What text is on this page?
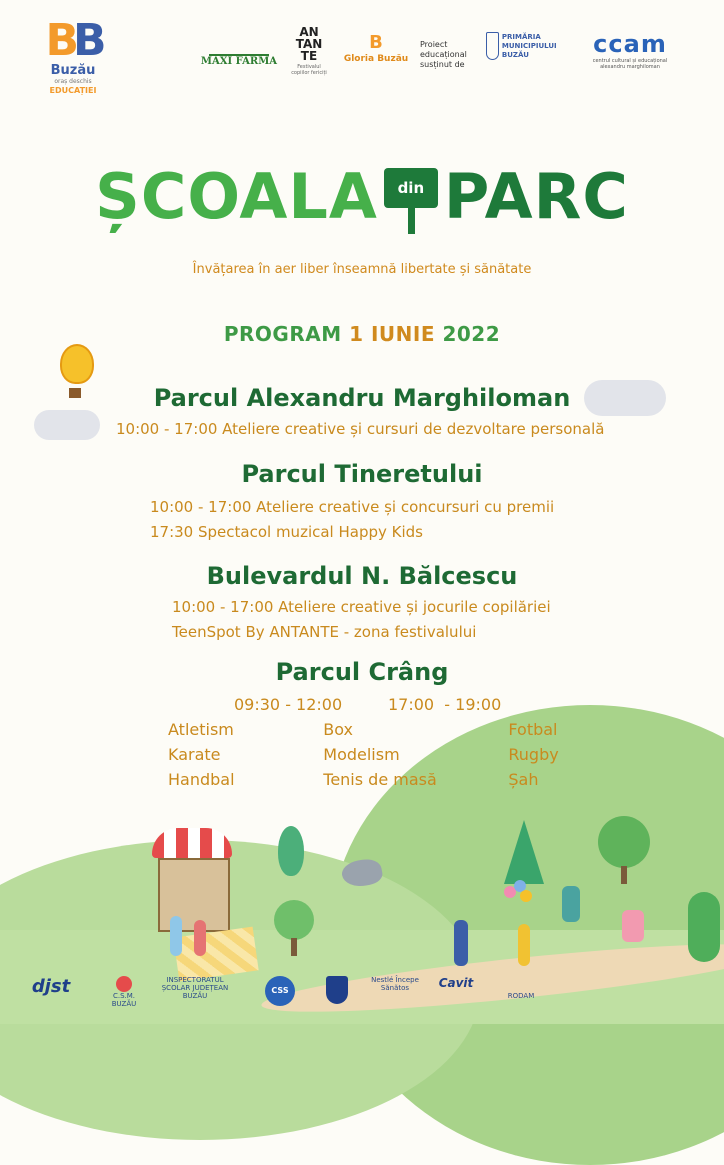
BB
Buzău
oraș deschis
EDUCAȚIEI
MAXI FARMA
AN TAN TE
Festivalul copiilor fericiți
B
Gloria Buzău
Proiect educațional susținut de
PRIMĂRIA MUNICIPIULUI BUZĂU	ccam
centrul cultural și educațional alexandru marghiloman
ȘCOALA	din PARC
Învățarea în aer liber înseamnă libertate și sănătate
PROGRAM 1 IUNIE 2022
Parcul Alexandru Marghiloman
10:00 - 17:00 Ateliere creative și cursuri de dezvoltare personală
Parcul Tineretului
10:00 - 17:00 Ateliere creative și concursuri cu premii
17:30 Spectacol muzical Happy Kids
Bulevardul N. Bălcescu
10:00 - 17:00 Ateliere creative și jocurile copilăriei
TeenSpot By ANTANTE - zona festivalului
Parcul Crâng
09:30 - 12:00	17:00  - 19:00
Atletism	Box	Fotbal
Karate	Modelism	Rugby
Handbal	Tenis de masă	Șah
djst	C.S.M. BUZĂU
INSPECTORATUL ȘCOLAR JUDEȚEAN BUZĂU
CSS
Nestlé Începe Sănătos	Cavit
RODAM
